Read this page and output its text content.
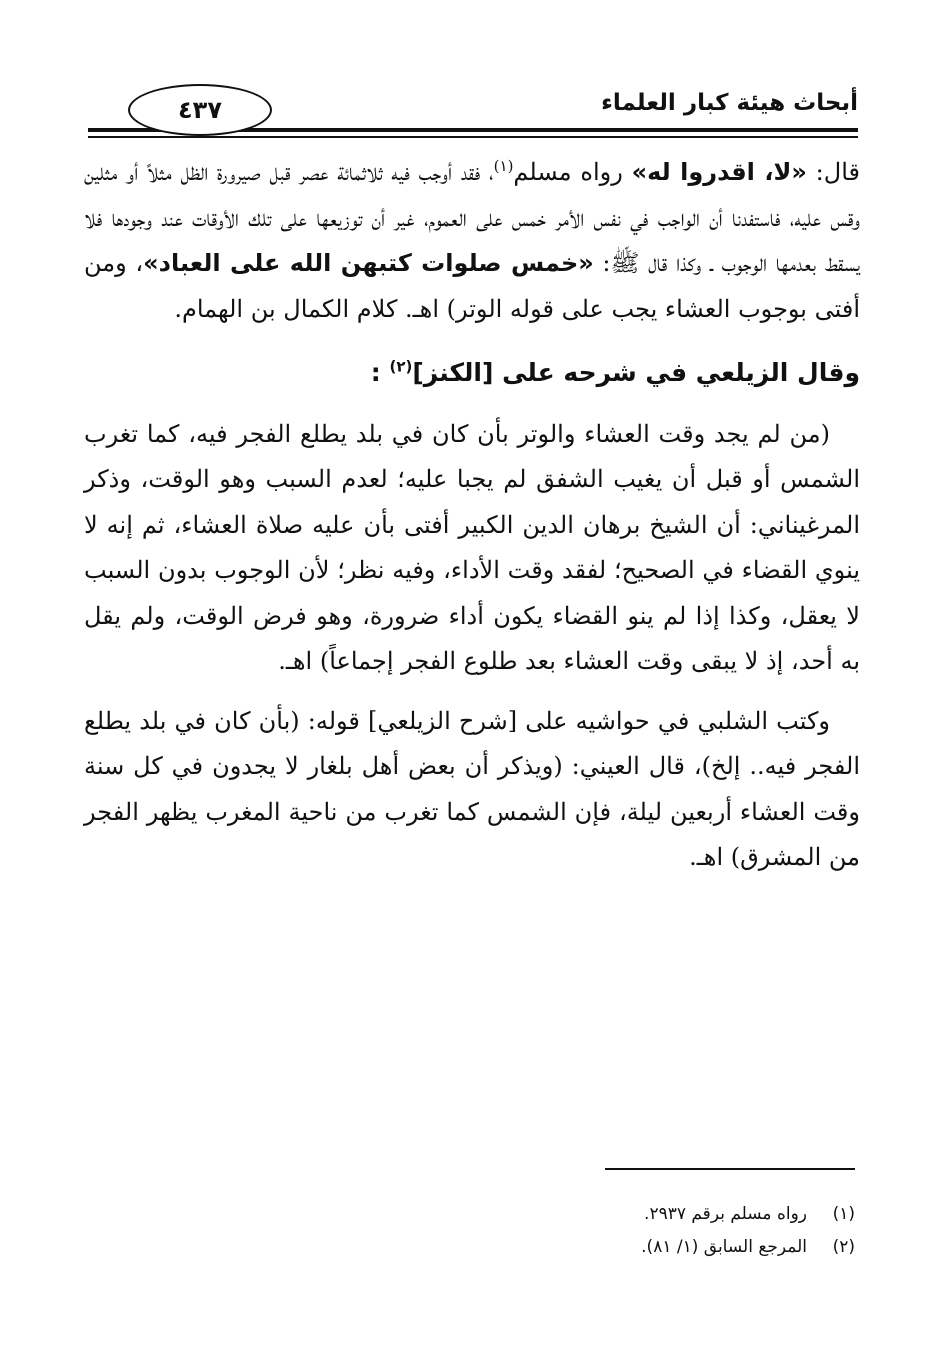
أبحاث هيئة كبار العلماء
٤٣٧

قال: «لا، اقدروا له» رواه مسلم$^{(١)}$، فقد أوجب فيه ثلاثمائة عصر قبل صيرورة الظل مثلاً أو مثلين وقس عليه، فاستفدنا أن الواجب في نفس الأمر خمس على العموم، غير أن توزيعها على تلك الأوقات عند وجودها فلا يسقط بعدمها الوجوب ـ وكذا قال ﷺ: «خمس صلوات كتبهن الله على العباد»، ومن أفتى بوجوب العشاء يجب على قوله الوتر) اهـ. كلام الكمال بن الهمام.

وقال الزيلعي في شرحه على [الكنز]$^{(٢)}$ :

(من لم يجد وقت العشاء والوتر بأن كان في بلد يطلع الفجر فيه، كما تغرب الشمس أو قبل أن يغيب الشفق لم يجبا عليه؛ لعدم السبب وهو الوقت، وذكر المرغيناني: أن الشيخ برهان الدين الكبير أفتى بأن عليه صلاة العشاء، ثم إنه لا ينوي القضاء في الصحيح؛ لفقد وقت الأداء، وفيه نظر؛ لأن الوجوب بدون السبب لا يعقل، وكذا إذا لم ينو القضاء يكون أداء ضرورة، وهو فرض الوقت، ولم يقل به أحد، إذ لا يبقى وقت العشاء بعد طلوع الفجر إجماعاً) اهـ.

وكتب الشلبي في حواشيه على [شرح الزيلعي] قوله: (بأن كان في بلد يطلع الفجر فيه.. إلخ)، قال العيني: (ويذكر أن بعض أهل بلغار لا يجدون في كل سنة وقت العشاء أربعين ليلة، فإن الشمس كما تغرب من ناحية المغرب يظهر الفجر من المشرق) اهـ.

(١)
رواه مسلم برقم ٢٩٣٧.
(٢)
المرجع السابق (١/ ٨١).
